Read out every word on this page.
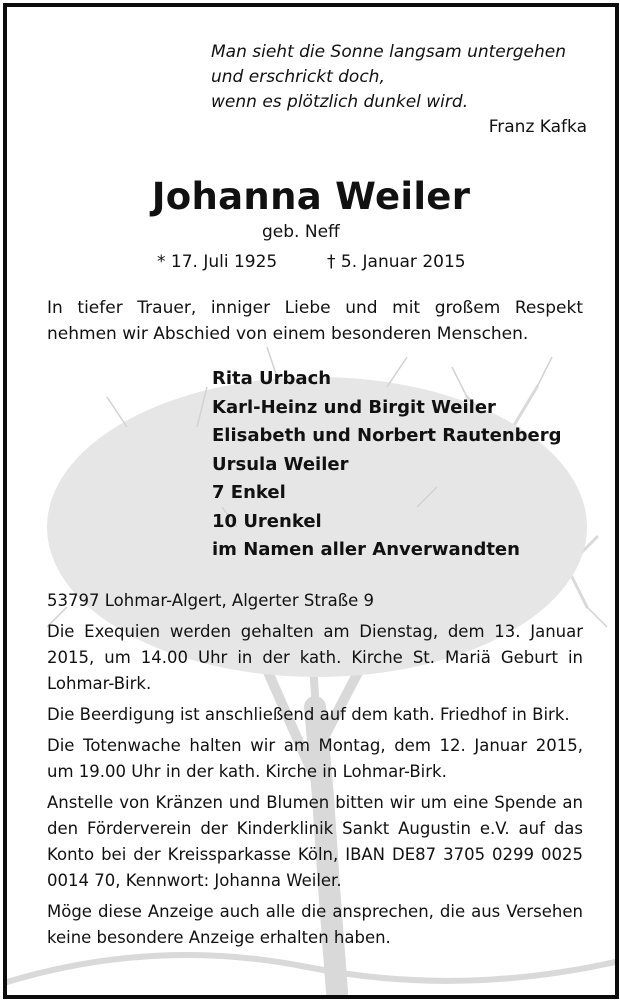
Man sieht die Sonne langsam untergehen
und erschrickt doch,
wenn es plötzlich dunkel wird.
Franz Kafka
Johanna Weiler
geb. Neff
* 17. Juli 1925	† 5. Januar 2015
In tiefer Trauer, inniger Liebe und mit großem Respekt nehmen wir Abschied von einem besonderen Menschen.
Rita Urbach
Karl-Heinz und Birgit Weiler
Elisabeth und Norbert Rautenberg
Ursula Weiler
7 Enkel
10 Urenkel
im Namen aller Anverwandten

53797 Lohmar-Algert, Algerter Straße 9

Die Exequien werden gehalten am Dienstag, dem 13. Januar 2015, um 14.00 Uhr in der kath. Kirche St. Mariä Geburt in Lohmar-Birk.

Die Beerdigung ist anschließend auf dem kath. Friedhof in Birk.

Die Totenwache halten wir am Montag, dem 12. Januar 2015, um 19.00 Uhr in der kath. Kirche in Lohmar-Birk.

Anstelle von Kränzen und Blumen bitten wir um eine Spende an den Förderverein der Kinderklinik Sankt Augustin e.V. auf das Konto bei der Kreissparkasse Köln, IBAN DE87 3705 0299 0025 0014 70, Kennwort: Johanna Weiler.

Möge diese Anzeige auch alle die ansprechen, die aus Versehen keine besondere Anzeige erhalten haben.
